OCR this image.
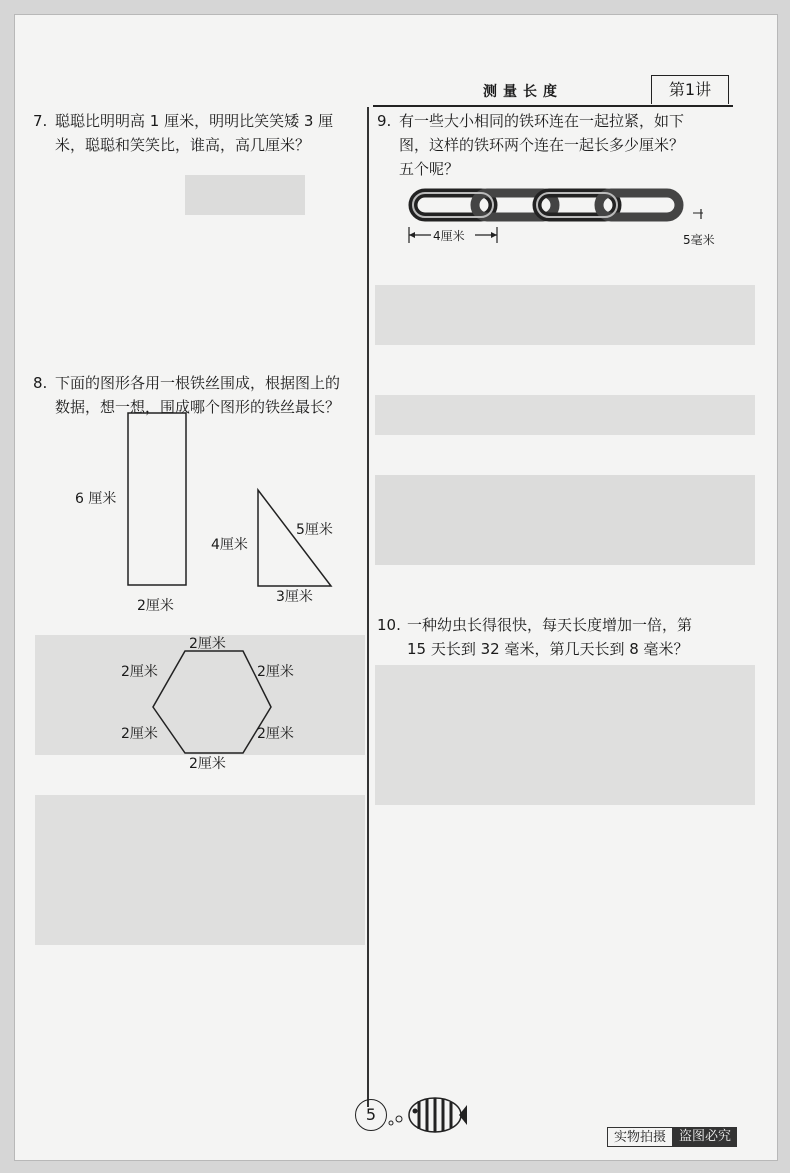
测量长度	第1讲
7. 聪聪比明明高 1 厘米，明明比笑笑矮 3 厘
米，聪聪和笑笑比，谁高，高几厘米？
8. 下面的图形各用一根铁丝围成，根据图上的
数据，想一想，围成哪个图形的铁丝最长？
6 厘米
2厘米
4厘米
5厘米
3厘米
2厘米
2厘米	2厘米
2厘米	2厘米
2厘米
9. 有一些大小相同的铁环连在一起拉紧，如下
图，这样的铁环两个连在一起长多少厘米？
五个呢？
4厘米	5毫米
10. 一种幼虫长得很快，每天长度增加一倍，第
15 天长到 32 毫米，第几天长到 8 毫米？
5
实物拍摄	盗图必究
